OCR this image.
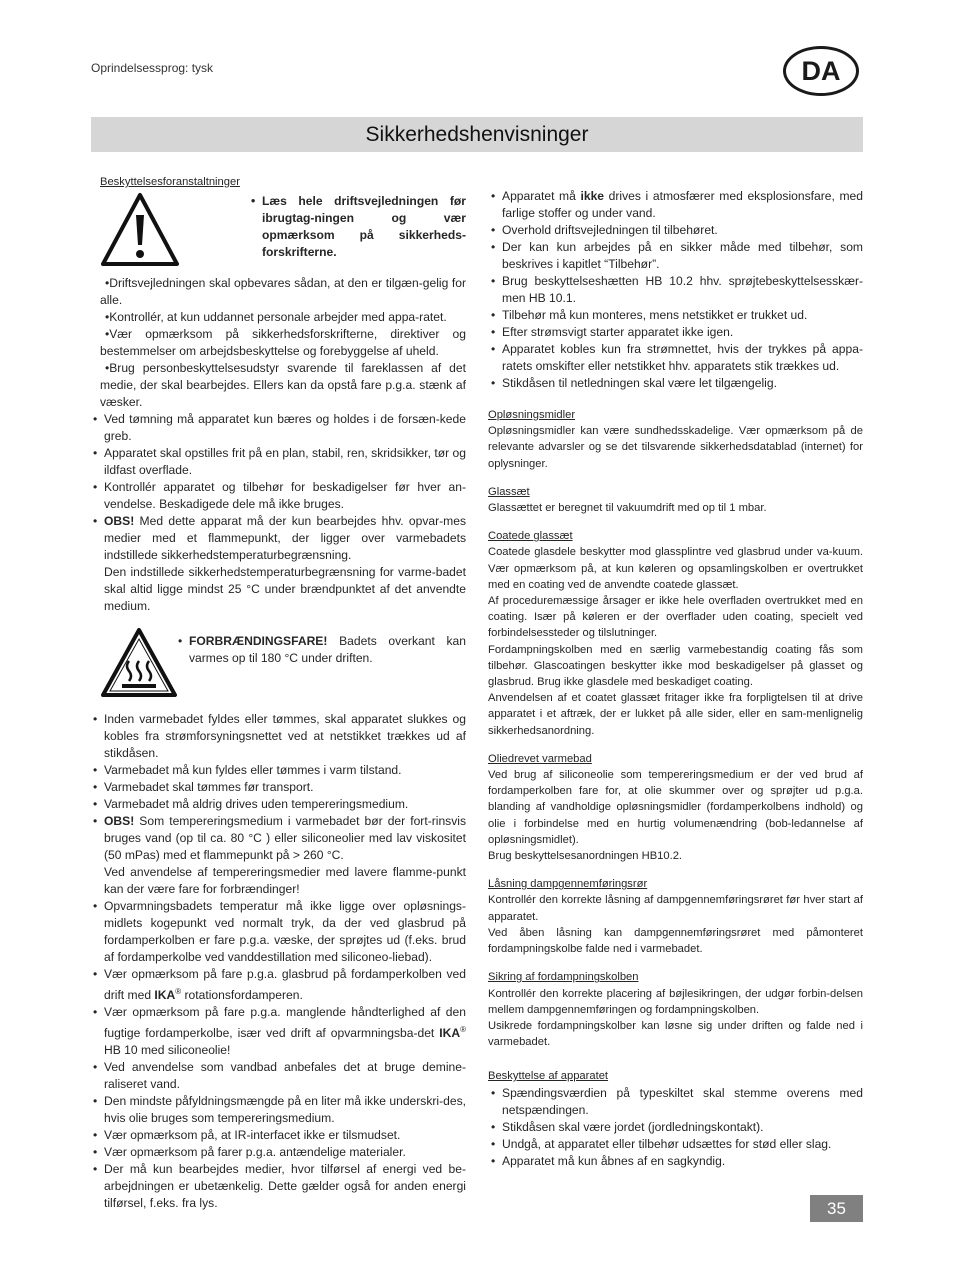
Oprindelsessprog: tysk	DA
Sikkerhedshenvisninger
Beskyttelsesforanstaltninger
• Læs hele driftsvejledningen før ibrugtag-ningen og vær opmærksom på sikkerheds-forskrifterne.
• Driftsvejledningen skal opbevares sådan, at den er tilgæn-gelig for alle.
• Kontrollér, at kun uddannet personale arbejder med appa-ratet.
• Vær opmærksom på sikkerhedsforskrifterne, direktiver og bestemmelser om arbejdsbeskyttelse og forebyggelse af uheld.
• Brug personbeskyttelsesudstyr svarende til fareklassen af det medie, der skal bearbejdes. Ellers kan da opstå fare p.g.a. stænk af væsker.
• Ved tømning må apparatet kun bæres og holdes i de forsæn-kede greb.
• Apparatet skal opstilles frit på en plan, stabil, ren, skridsikker, tør og ildfast overflade.
• Kontrollér apparatet og tilbehør for beskadigelser før hver an-vendelse. Beskadigede dele må ikke bruges.
• OBS! Med dette apparat må der kun bearbejdes hhv. opvar-mes medier med et flammepunkt, der ligger over varmebadets indstillede sikkerhedstemperaturbegrænsning.
Den indstillede sikkerhedstemperaturbegrænsning for varme-badet skal altid ligge mindst 25 °C under brændpunktet af det anvendte medium.
• FORBRÆNDINGSFARE! Badets overkant kan varmes op til 180 °C under driften.
• Inden varmebadet fyldes eller tømmes, skal apparatet slukkes og kobles fra strømforsyningsnettet ved at netstikket trækkes ud af stikdåsen.
• Varmebadet må kun fyldes eller tømmes i varm tilstand.
• Varmebadet skal tømmes før transport.
• Varmebadet må aldrig drives uden tempereringsmedium.
• OBS! Som tempereringsmedium i varmebadet bør der fort-rinsvis bruges vand (op til ca. 80 °C ) eller siliconeolier med lav viskositet (50 mPas) med et flammepunkt på > 260 °C.
Ved anvendelse af tempereringsmedier med lavere flamme-punkt kan der være fare for forbrændinger!
• Opvarmningsbadets temperatur må ikke ligge over opløsnings-midlets kogepunkt ved normalt tryk, da der ved glasbrud på fordamperkolben er fare p.g.a. væske, der sprøjtes ud (f.eks. brud af fordamperkolbe ved vanddestillation med siliconeo-liebad).
• Vær opmærksom på fare p.g.a. glasbrud på fordamperkolben ved drift med IKA® rotationsfordamperen.
• Vær opmærksom på fare p.g.a. manglende håndterlighed af den fugtige fordamperkolbe, især ved drift af opvarmningsba-det IKA® HB 10 med siliconeolie!
• Ved anvendelse som vandbad anbefales det at bruge demine-raliseret vand.
• Den mindste påfyldningsmængde på en liter må ikke underskri-des, hvis olie bruges som tempereringsmedium.
• Vær opmærksom på, at IR-interfacet ikke er tilsmudset.
• Vær opmærksom på farer p.g.a. antændelige materialer.
• Der må kun bearbejdes medier, hvor tilførsel af energi ved be-arbejdningen er ubetænkelig. Dette gælder også for anden energi tilførsel, f.eks. fra lys.
• Apparatet må ikke drives i atmosfærer med eksplosionsfare, med farlige stoffer og under vand.
• Overhold driftsvejledningen til tilbehøret.
• Der kan kun arbejdes på en sikker måde med tilbehør, som beskrives i kapitlet “Tilbehør”.
• Brug beskyttelseshætten HB 10.2 hhv. sprøjtebeskyttelsesskær-men HB 10.1.
• Tilbehør må kun monteres, mens netstikket er trukket ud.
• Efter strømsvigt starter apparatet ikke igen.
• Apparatet kobles kun fra strømnettet, hvis der trykkes på appa-ratets omskifter eller netstikket hhv. apparatets stik trækkes ud.
• Stikdåsen til netledningen skal være let tilgængelig.
Opløsningsmidler
Opløsningsmidler kan være sundhedsskadelige. Vær opmærksom på de relevante advarsler og se det tilsvarende sikkerhedsdatablad (internet) for oplysninger.
Glassæt
Glassættet er beregnet til vakuumdrift med op til 1 mbar.
Coatede glassæt
Coatede glasdele beskytter mod glassplintre ved glasbrud under va-kuum. Vær opmærksom på, at kun køleren og opsamlingskolben er overtrukket med en coating ved de anvendte coatede glassæt.
Af proceduremæssige årsager er ikke hele overfladen overtrukket med en coating. Især på køleren er der overflader uden coating, specielt ved forbindelsessteder og tilslutninger.
Fordampningskolben med en særlig varmebestandig coating fås som tilbehør. Glascoatingen beskytter ikke mod beskadigelser på glasset og glasbrud. Brug ikke glasdele med beskadiget coating.
Anvendelsen af et coatet glassæt fritager ikke fra forpligtelsen til at drive apparatet i et aftræk, der er lukket på alle sider, eller en sam-menlignelig sikkerhedsanordning.
Oliedrevet varmebad
Ved brug af siliconeolie som tempereringsmedium er der ved brud af fordamperkolben fare for, at olie skummer over og sprøjter ud p.g.a. blanding af vandholdige opløsningsmidler (fordamperkolbens indhold) og olie i forbindelse med en hurtig volumenændring (bob-ledannelse af opløsningsmidlet).
Brug beskyttelsesanordningen HB10.2.
Låsning dampgennemføringsrør
Kontrollér den korrekte låsning af dampgennemføringsrøret før hver start af apparatet.
Ved åben låsning kan dampgennemføringsrøret med påmonteret fordampningskolbe falde ned i varmebadet.
Sikring af fordampningskolben
Kontrollér den korrekte placering af bøjlesikringen, der udgør forbin-delsen mellem dampgennemføringen og fordampningskolben.
Usikrede fordampningskolber kan løsne sig under driften og falde ned i varmebadet.
Beskyttelse af apparatet
• Spændingsværdien på typeskiltet skal stemme overens med netspændingen.
• Stikdåsen skal være jordet (jordledningskontakt).
• Undgå, at apparatet eller tilbehør udsættes for stød eller slag.
• Apparatet må kun åbnes af en sagkyndig.
35
